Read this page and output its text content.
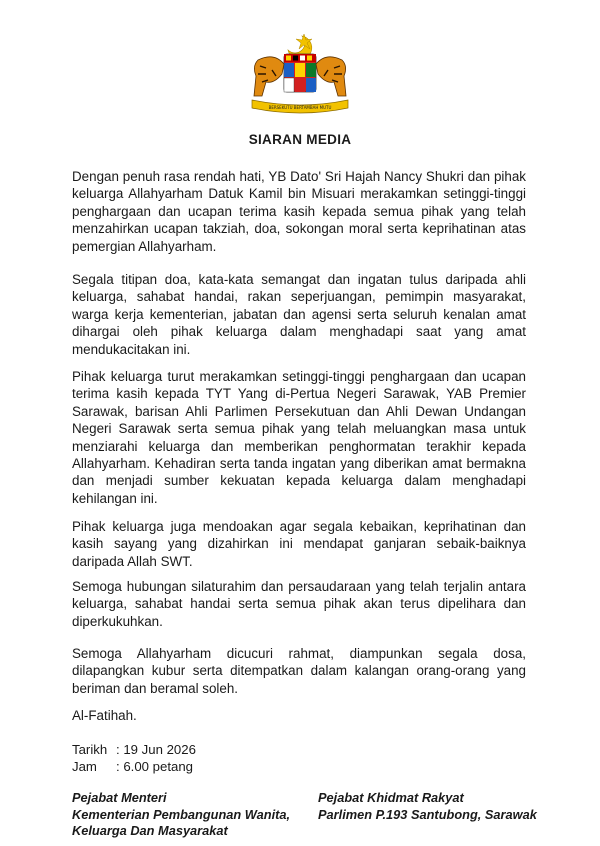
BERSEKUTU BERTAMBAH MUTU
SIARAN MEDIA

Dengan penuh rasa rendah hati, YB Dato' Sri Hajah Nancy Shukri dan pihak keluarga Allahyarham Datuk Kamil bin Misuari merakamkan setinggi-tinggi penghargaan dan ucapan terima kasih kepada semua pihak yang telah menzahirkan ucapan takziah, doa, sokongan moral serta keprihatinan atas pemergian Allahyarham.

Segala titipan doa, kata-kata semangat dan ingatan tulus daripada ahli keluarga, sahabat handai, rakan seperjuangan, pemimpin masyarakat, warga kerja kementerian, jabatan dan agensi serta seluruh kenalan amat dihargai oleh pihak keluarga dalam menghadapi saat yang amat mendukacitakan ini.

Pihak keluarga turut merakamkan setinggi-tinggi penghargaan dan ucapan terima kasih kepada TYT Yang di-Pertua Negeri Sarawak, YAB Premier Sarawak, barisan Ahli Parlimen Persekutuan dan Ahli Dewan Undangan Negeri Sarawak serta semua pihak yang telah meluangkan masa untuk menziarahi keluarga dan memberikan penghormatan terakhir kepada Allahyarham. Kehadiran serta tanda ingatan yang diberikan amat bermakna dan menjadi sumber kekuatan kepada keluarga dalam menghadapi kehilangan ini.

Pihak keluarga juga mendoakan agar segala kebaikan, keprihatinan dan kasih sayang yang dizahirkan ini mendapat ganjaran sebaik-baiknya daripada Allah SWT.

Semoga hubungan silaturahim dan persaudaraan yang telah terjalin antara keluarga, sahabat handai serta semua pihak akan terus dipelihara dan diperkukuhkan.

Semoga Allahyarham dicucuri rahmat, diampunkan segala dosa, dilapangkan kubur serta ditempatkan dalam kalangan orang-orang yang beriman dan beramal soleh.

Al-Fatihah.
Tarikh : 19 Jun 2026
Jam : 6.00 petang
Pejabat Menteri
Kementerian Pembangunan Wanita,
Keluarga Dan Masyarakat
Pejabat Khidmat Rakyat
Parlimen P.193 Santubong, Sarawak
